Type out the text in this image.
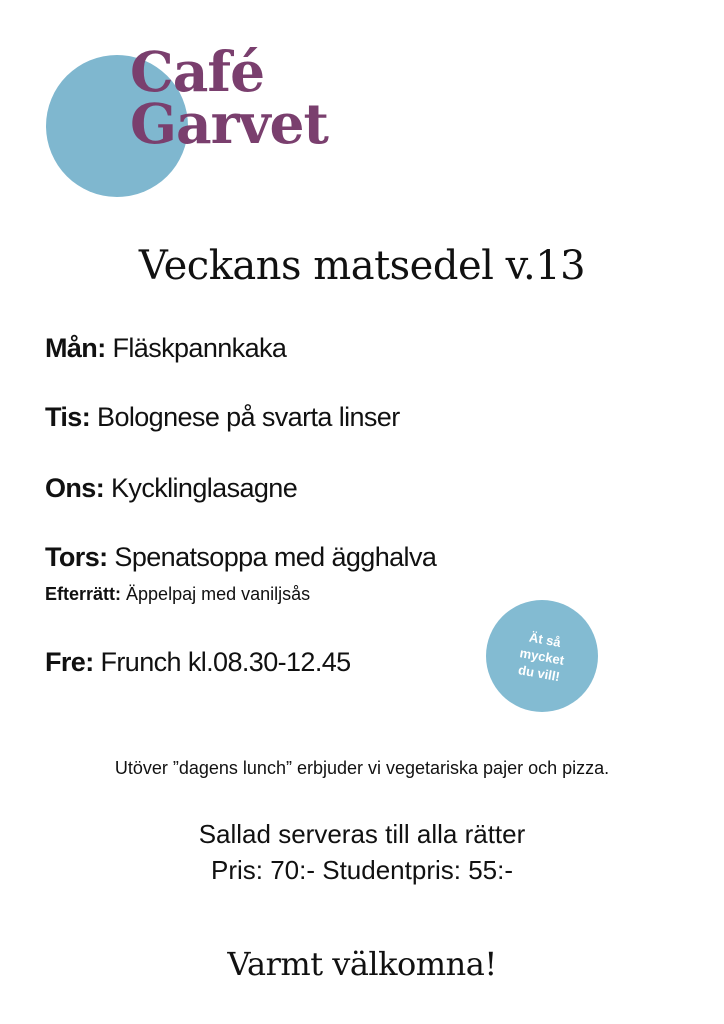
Café
Garvet
Veckans matsedel v.13
Mån: Fläskpannkaka
Tis: Bolognese på svarta linser
Ons: Kycklinglasagne
Tors: Spenatsoppa med ägghalva
Efterrätt: Äppelpaj med vaniljsås
Fre: Frunch kl.08.30-12.45
Ät så
mycket
du vill!
Utöver ”dagens lunch” erbjuder vi vegetariska pajer och pizza.
Sallad serveras till alla rätter
Pris: 70:- Studentpris: 55:-
Varmt välkomna!
